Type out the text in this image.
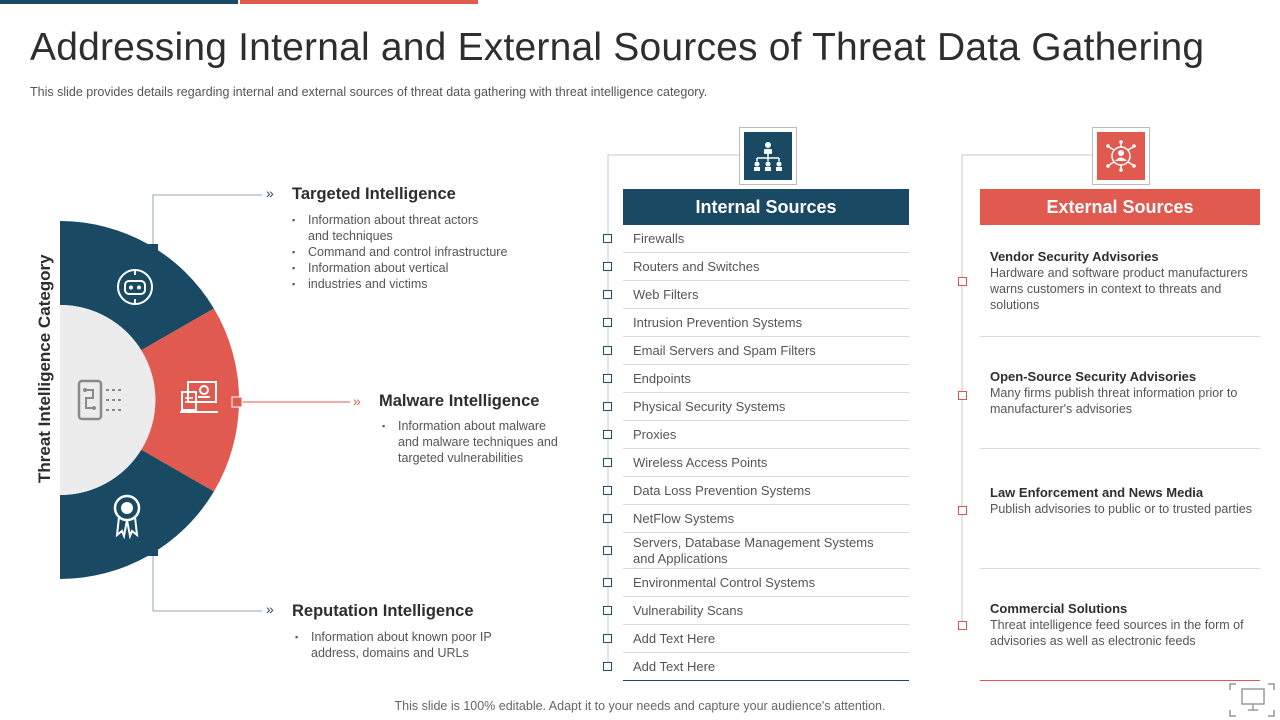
Addressing Internal and External Sources of Threat Data Gathering
This slide provides details regarding internal and external sources of threat data gathering with threat intelligence category.
Threat Intelligence Category
» Targeted Intelligence
▪ Information about threat actors and techniques
▪ Command and control infrastructure
▪ Information about vertical
▪ industries and victims
» Malware Intelligence
▪ Information about malware and malware techniques and targeted vulnerabilities
» Reputation Intelligence
▪ Information about known poor IP address, domains and URLs
Internal Sources
Firewalls
Routers and Switches
Web Filters
Intrusion Prevention Systems
Email Servers and Spam Filters
Endpoints
Physical Security Systems
Proxies
Wireless Access Points
Data Loss Prevention Systems
NetFlow Systems
Servers, Database Management Systems and Applications
Environmental Control Systems
Vulnerability Scans
Add Text Here
Add Text Here
External Sources
Vendor Security Advisories
Hardware and software product manufacturers warns customers in context to threats and solutions
Open-Source Security Advisories
Many firms publish threat information prior to manufacturer's advisories
Law Enforcement and News Media
Publish advisories to public or to trusted parties
Commercial Solutions
Threat intelligence feed sources in the form of advisories as well as electronic feeds
This slide is 100% editable. Adapt it to your needs and capture your audience's attention.
